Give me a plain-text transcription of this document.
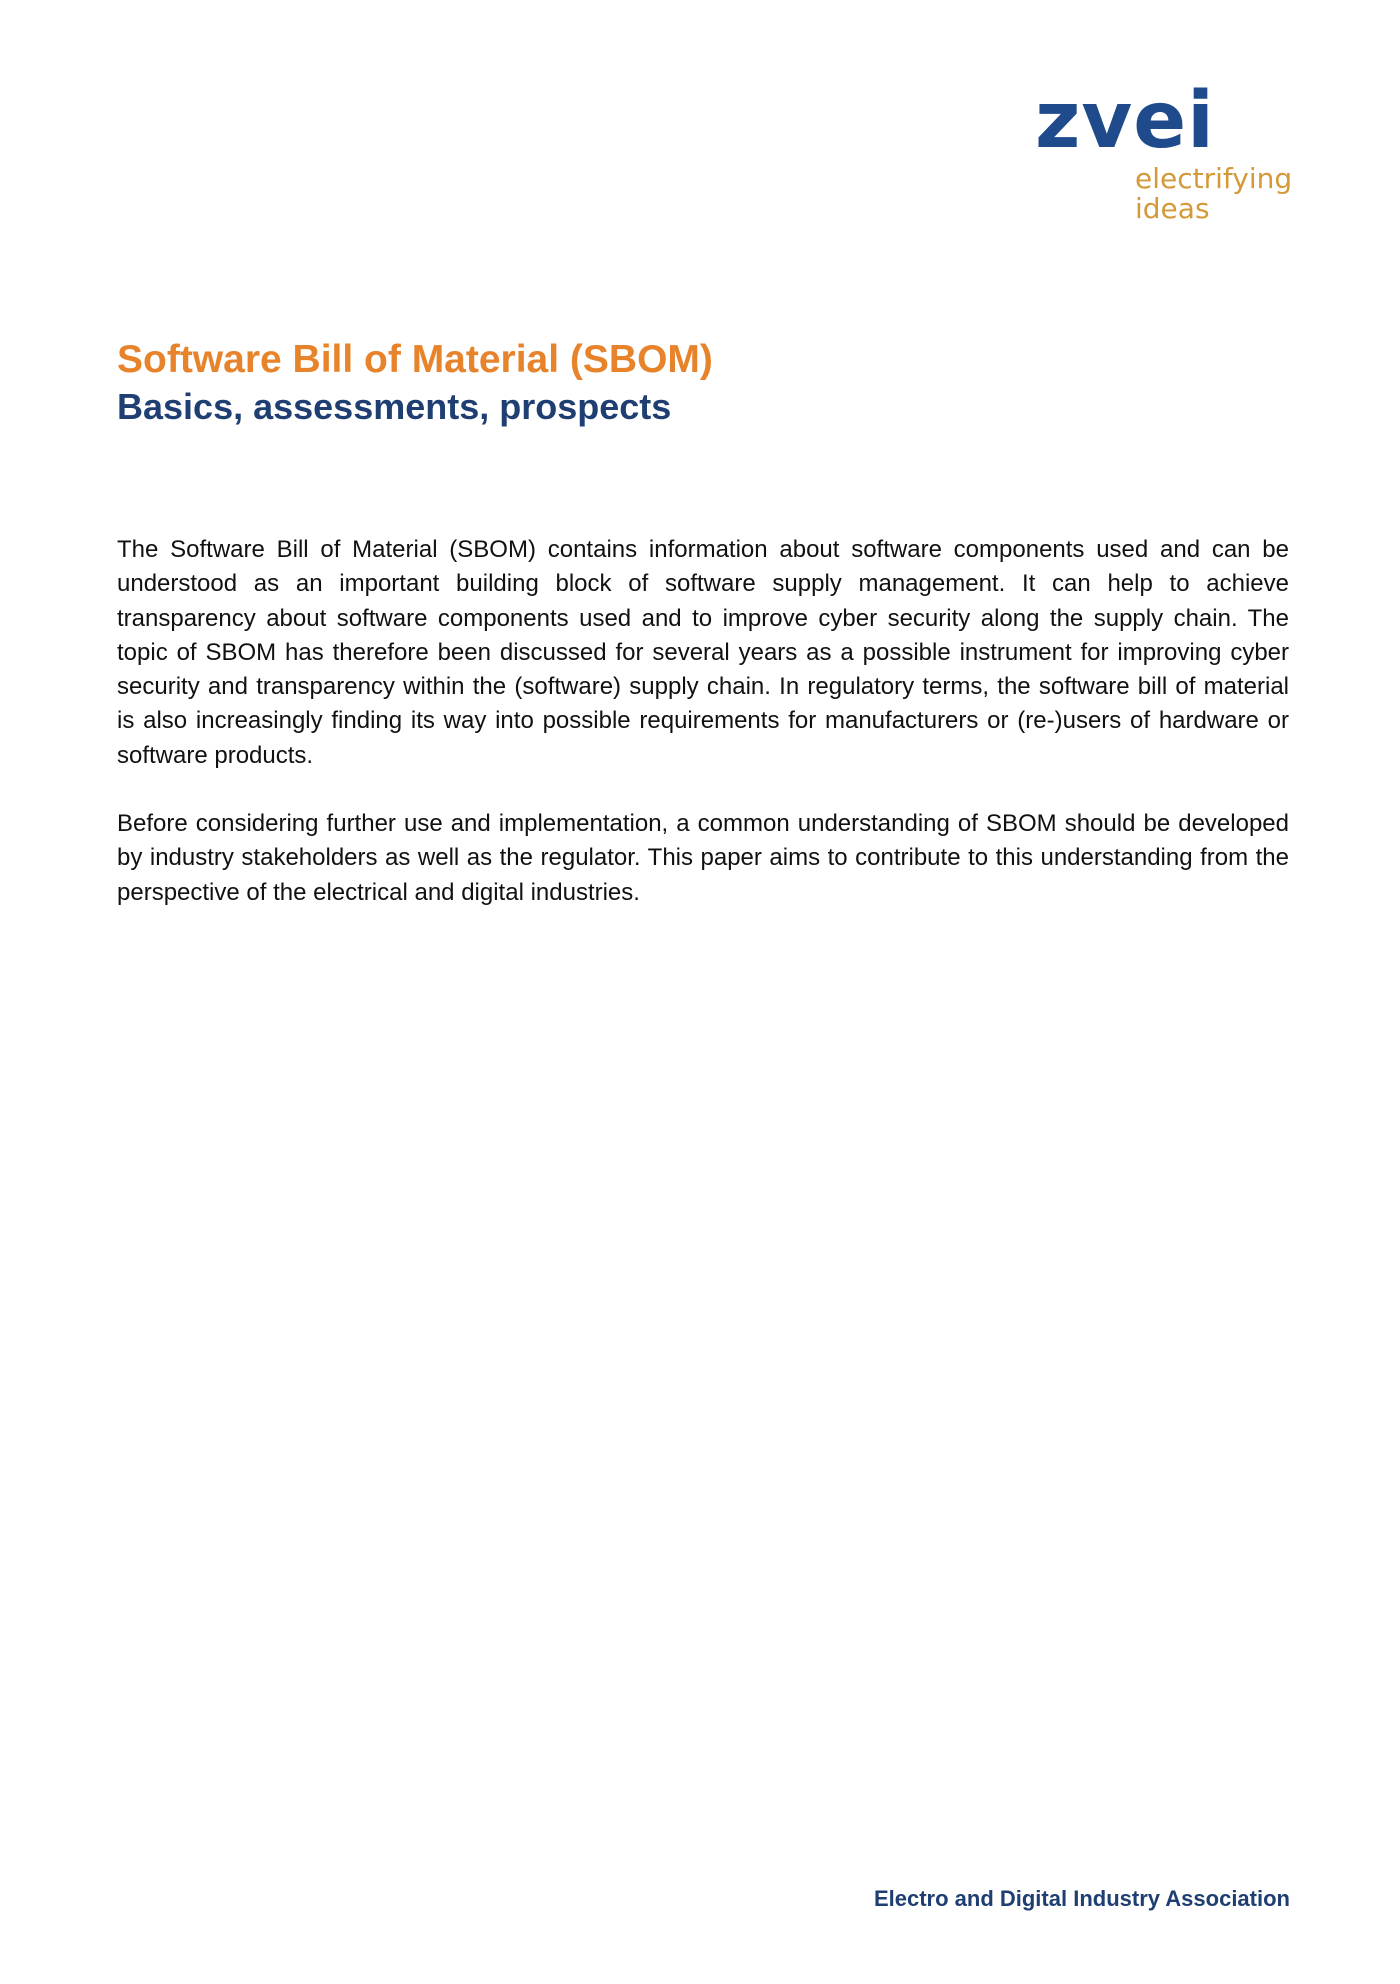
zvei
electrifying
ideas
Software Bill of Material (SBOM)
Basics, assessments, prospects

The Software Bill of Material (SBOM) contains information about software components used and can be understood as an important building block of software supply management. It can help to achieve transparency about software components used and to improve cyber security along the supply chain. The topic of SBOM has therefore been discussed for several years as a possible instrument for improving cyber security and transparency within the (software) supply chain. In regulatory terms, the software bill of material is also increasingly finding its way into possible requirements for manufacturers or (re-)users of hardware or software products.

Before considering further use and implementation, a common understanding of SBOM should be developed by industry stakeholders as well as the regulator. This paper aims to contribute to this understanding from the perspective of the electrical and digital industries.

Electro and Digital Industry Association
